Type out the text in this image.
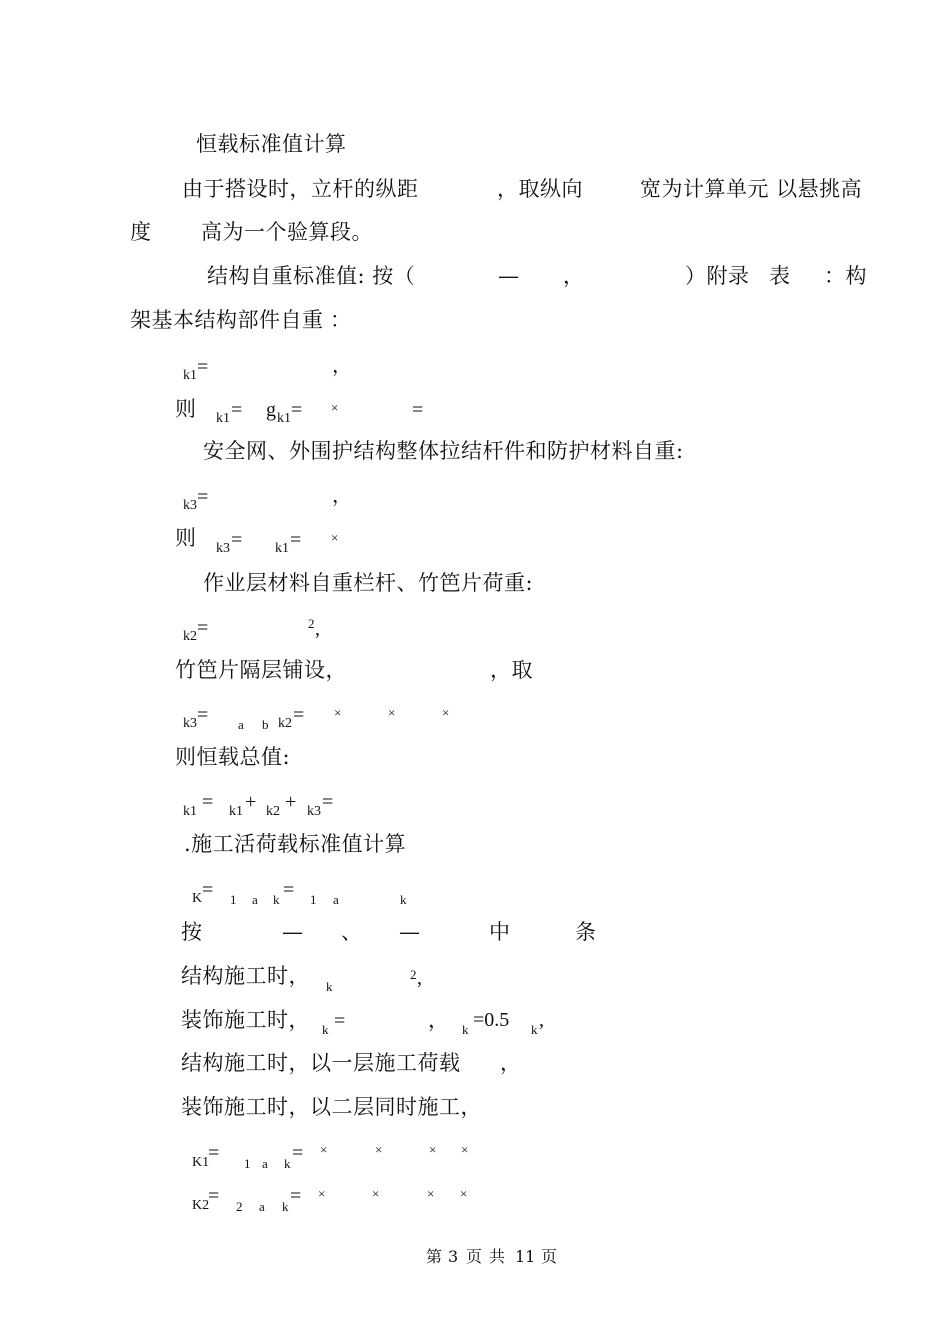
恒载标准值计算
由于搭设时，立杆的纵距	，取纵向	宽为计算单元 以悬挑高
度 高为一个验算段。
结构自重标准值: 按（	— ，	）附录 表 ：构
架基本结构部件自重 ：
k1 =	，
则 k1 = g k1 = ×	=
安全网、外围护结构整体拉结杆件和防护材料自重:
k3 =	，
则 k3 = k1 = ×
作业层材料自重栏杆、竹笆片荷重:
k2 =	2 ,
竹笆片隔层铺设，	，取
k3 = a b k2 = ×	×	×
则恒载总值:
k1 = k1 + k2 + k3 =
.施工活荷载标准值计算
K = 1 a k = 1 a	k
按	— 、 —	中	条
结构施工时， k
2 ,
装饰施工时， k =	， k =0.5 k ,
结构施工时，以一层施工荷载 ，
装饰施工时，以二层同时施工，
K1
= 1 a k = ×	×	× ×
K2
= 2 a k = ×	×	× ×
第 3 页 共 11 页
